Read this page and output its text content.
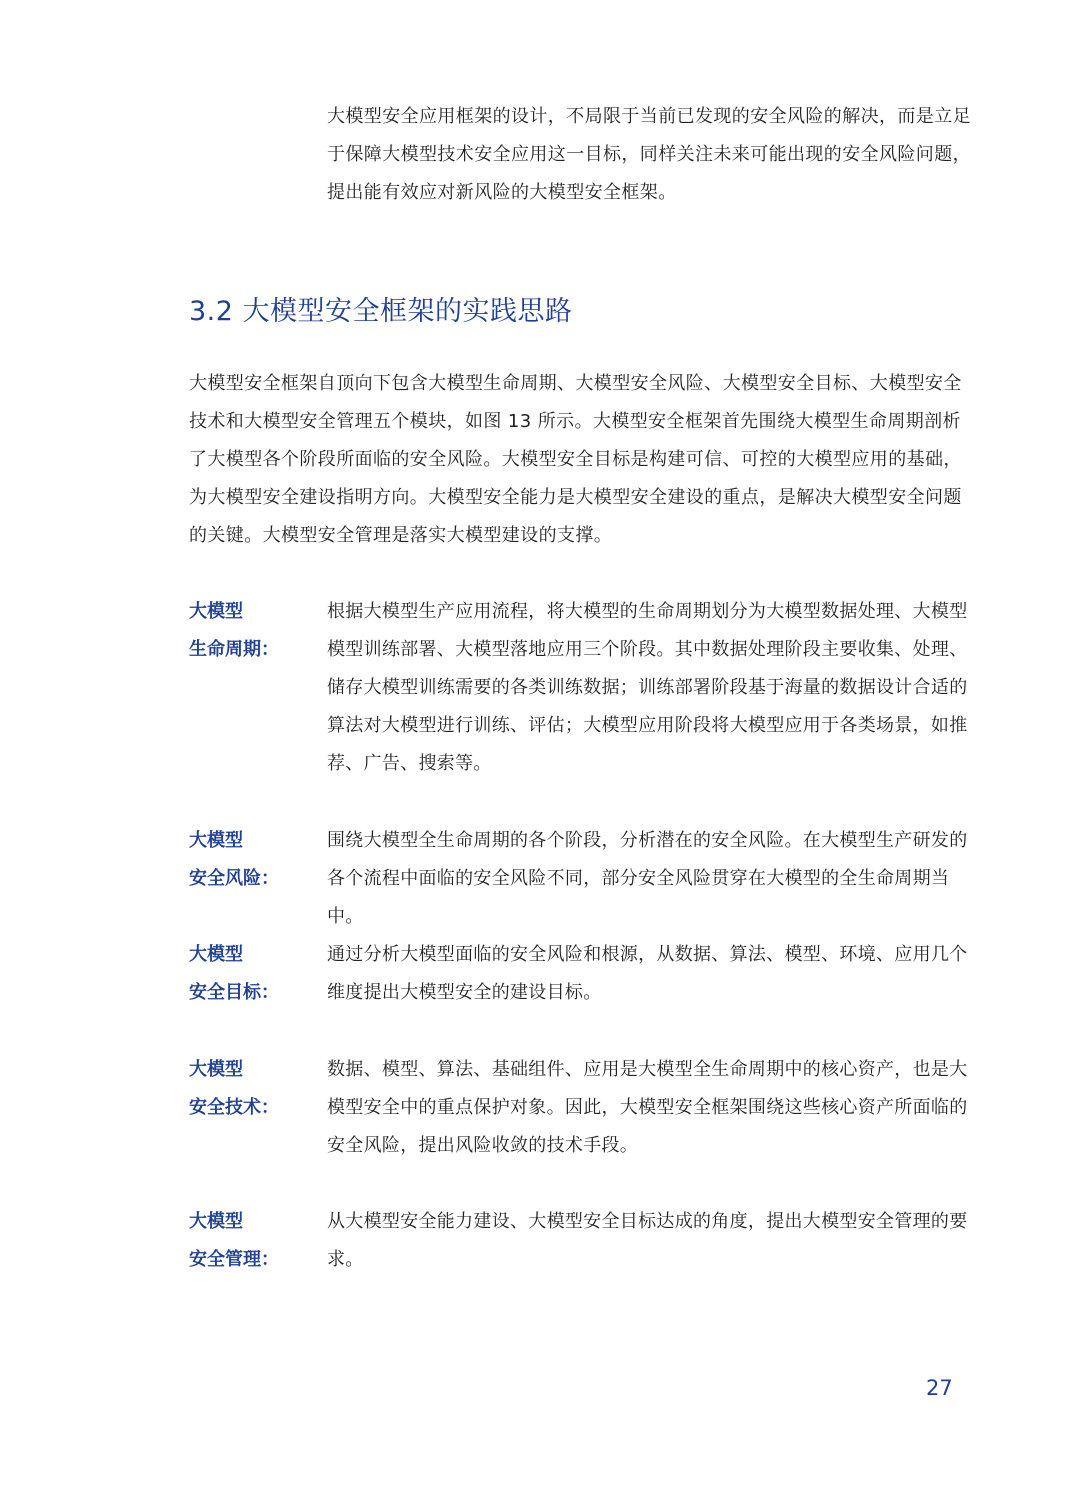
大模型安全应用框架的设计，不局限于当前已发现的安全风险的解决，而是立足于保障大模型技术安全应用这一目标，同样关注未来可能出现的安全风险问题，提出能有效应对新风险的大模型安全框架。

3.2 大模型安全框架的实践思路

大模型安全框架自顶向下包含大模型生命周期、大模型安全风险、大模型安全目标、大模型安全技术和大模型安全管理五个模块，如图 13 所示。大模型安全框架首先围绕大模型生命周期剖析了大模型各个阶段所面临的安全风险。大模型安全目标是构建可信、可控的大模型应用的基础，为大模型安全建设指明方向。大模型安全能力是大模型安全建设的重点，是解决大模型安全问题的关键。大模型安全管理是落实大模型建设的支撑。

大模型
生命周期：

根据大模型生产应用流程，将大模型的生命周期划分为大模型数据处理、大模型模型训练部署、大模型落地应用三个阶段。其中数据处理阶段主要收集、处理、储存大模型训练需要的各类训练数据；训练部署阶段基于海量的数据设计合适的算法对大模型进行训练、评估；大模型应用阶段将大模型应用于各类场景，如推荐、广告、搜索等。

大模型
安全风险：

围绕大模型全生命周期的各个阶段，分析潜在的安全风险。在大模型生产研发的各个流程中面临的安全风险不同，部分安全风险贯穿在大模型的全生命周期当中。

大模型
安全目标：

通过分析大模型面临的安全风险和根源，从数据、算法、模型、环境、应用几个维度提出大模型安全的建设目标。

大模型
安全技术：

数据、模型、算法、基础组件、应用是大模型全生命周期中的核心资产，也是大模型安全中的重点保护对象。因此，大模型安全框架围绕这些核心资产所面临的安全风险，提出风险收敛的技术手段。

大模型
安全管理：

从大模型安全能力建设、大模型安全目标达成的角度，提出大模型安全管理的要求。

27
